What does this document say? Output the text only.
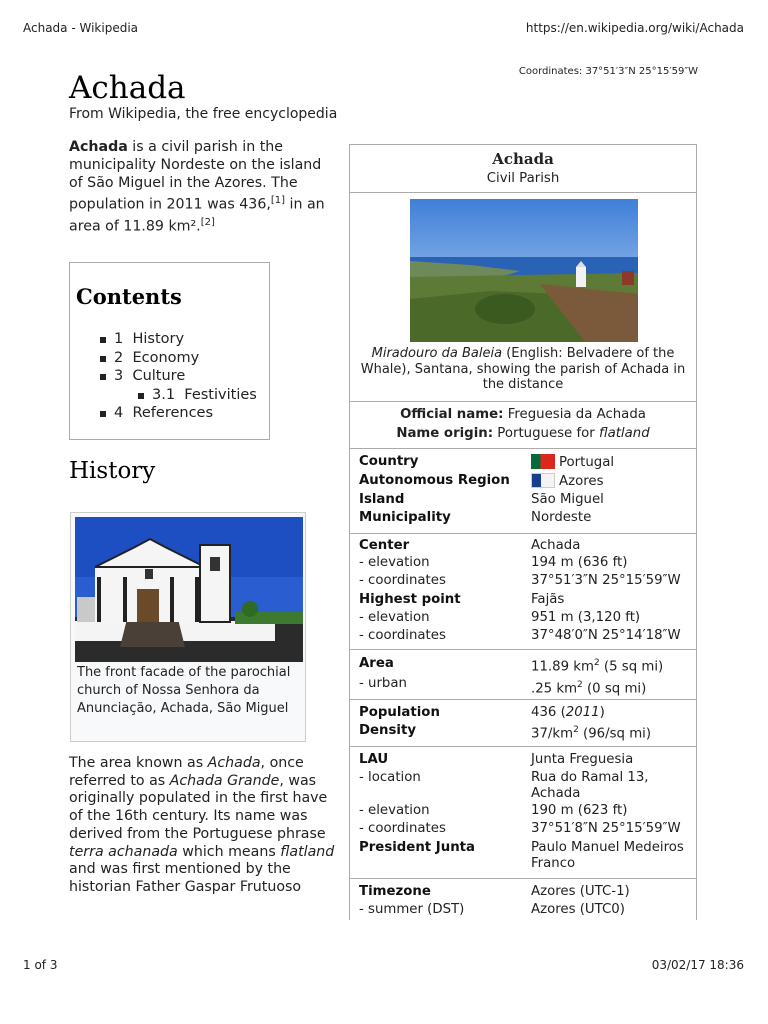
Achada - Wikipedia	https://en.wikipedia.org/wiki/Achada
Achada
From Wikipedia, the free encyclopedia
Coordinates: 37°51′3″N 25°15′59″W
Achada is a civil parish in the municipality Nordeste on the island of São Miguel in the Azores. The population in 2011 was 436,[1] in an area of 11.89 km².[2]
Contents
1 History
2 Economy
3 Culture
3.1 Festivities
4 References
History
The front facade of the parochial church of Nossa Senhora da Anunciação, Achada, São Miguel
The area known as Achada, once referred to as Achada Grande, was originally populated in the first have of the 16th century. Its name was derived from the Portuguese phrase terra achanada which means flatland and was first mentioned by the historian Father Gaspar Frutuoso
Achada
Civil Parish
Miradouro da Baleia (English: Belvadere of the Whale), Santana, showing the parish of Achada in the distance
Official name: Freguesia da Achada
Name origin: Portuguese for flatland
Country	Portugal
Autonomous Region	Azores
Island	São Miguel
Municipality	Nordeste
Center	Achada
- elevation	194 m (636 ft)
- coordinates	37°51′3″N 25°15′59″W
Highest point	Fajãs
- elevation	951 m (3,120 ft)
- coordinates	37°48′0″N 25°14′18″W
Area	11.89 $km^2$ (5 sq mi)
- urban	.25 $km^2$ (0 sq mi)
Population	436 (2011)
Density	$37/km^2$ (96/sq mi)
LAU	Junta Freguesia
- location	Rua do Ramal 13, Achada
- elevation	190 m (623 ft)
- coordinates	37°51′8″N 25°15′59″W
President Junta	Paulo Manuel Medeiros Franco
Timezone	Azores (UTC-1)
- summer (DST)	Azores (UTC0)
1 of 3	03/02/17 18:36
